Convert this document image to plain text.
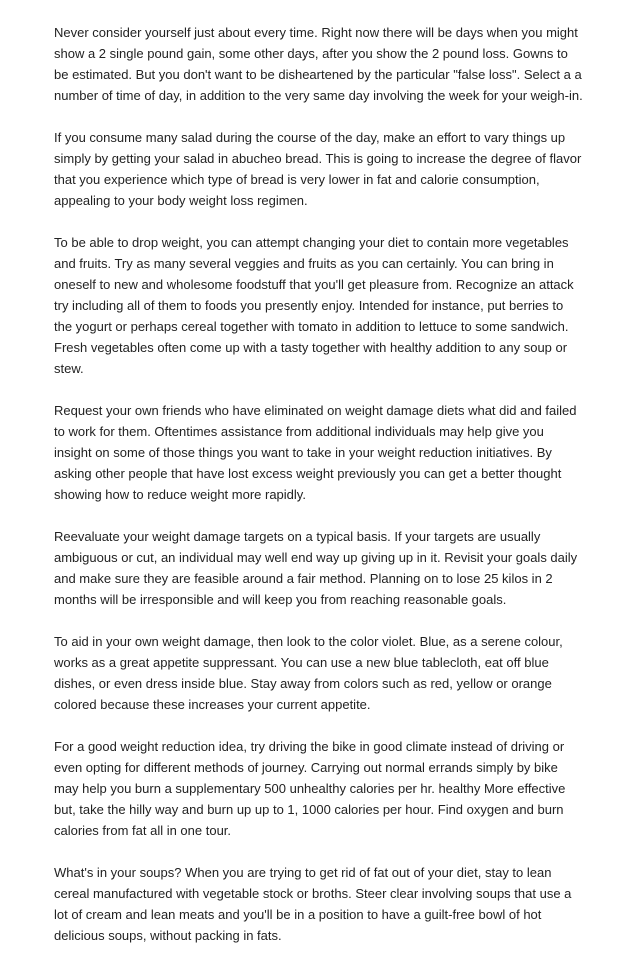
Never consider yourself just about every time. Right now there will be days when you might show a 2 single pound gain, some other days, after you show the 2 pound loss. Gowns to be estimated. But you don't want to be disheartened by the particular "false loss". Select a a number of time of day, in addition to the very same day involving the week for your weigh-in.

If you consume many salad during the course of the day, make an effort to vary things up simply by getting your salad in abucheo bread. This is going to increase the degree of flavor that you experience which type of bread is very lower in fat and calorie consumption, appealing to your body weight loss regimen.

To be able to drop weight, you can attempt changing your diet to contain more vegetables and fruits. Try as many several veggies and fruits as you can certainly. You can bring in oneself to new and wholesome foodstuff that you'll get pleasure from. Recognize an attack try including all of them to foods you presently enjoy. Intended for instance, put berries to the yogurt or perhaps cereal together with tomato in addition to lettuce to some sandwich. Fresh vegetables often come up with a tasty together with healthy addition to any soup or stew.

Request your own friends who have eliminated on weight damage diets what did and failed to work for them. Oftentimes assistance from additional individuals may help give you insight on some of those things you want to take in your weight reduction initiatives. By asking other people that have lost excess weight previously you can get a better thought showing how to reduce weight more rapidly.

Reevaluate your weight damage targets on a typical basis. If your targets are usually ambiguous or cut, an individual may well end way up giving up in it. Revisit your goals daily and make sure they are feasible around a fair method. Planning on to lose 25 kilos in 2 months will be irresponsible and will keep you from reaching reasonable goals.

To aid in your own weight damage, then look to the color violet. Blue, as a serene colour, works as a great appetite suppressant. You can use a new blue tablecloth, eat off blue dishes, or even dress inside blue. Stay away from colors such as red, yellow or orange colored because these increases your current appetite.

For a good weight reduction idea, try driving the bike in good climate instead of driving or even opting for different methods of journey. Carrying out normal errands simply by bike may help you burn a supplementary 500 unhealthy calories per hr. healthy More effective but, take the hilly way and burn up up to 1, 1000 calories per hour. Find oxygen and burn calories from fat all in one tour.

What's in your soups? When you are trying to get rid of fat out of your diet, stay to lean cereal manufactured with vegetable stock or broths. Steer clear involving soups that use a lot of cream and lean meats and you'll be in a position to have a guilt-free bowl of hot delicious soups, without packing in fats.
